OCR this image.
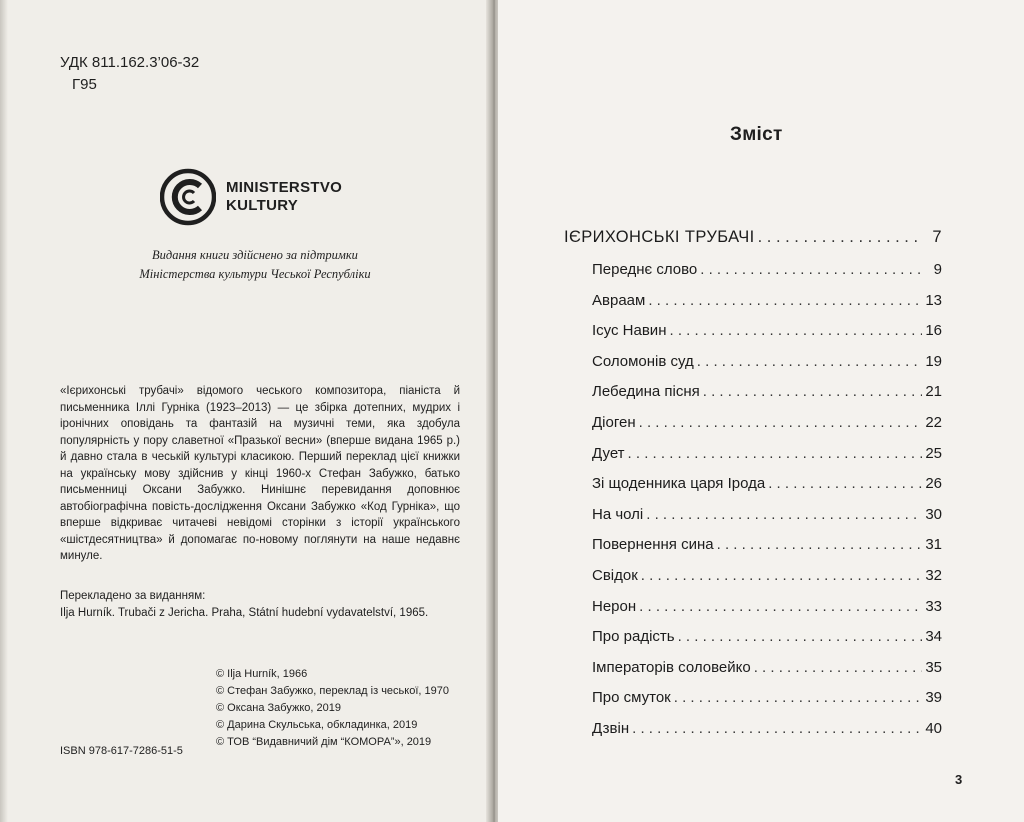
УДК 811.162.3’06-32
Г95
MINISTERSTVO
KULTURY
Видання книги здійснено за підтримки
Міністерства культури Чеської Республіки
«Ієрихонські трубачі» відомого чеського композитора, піаніста й письменника Іллі Гурніка (1923–2013) — це збірка дотепних, мудрих і іронічних оповідань та фантазій на музичні теми, яка здобула популярність у пору славетної «Празької весни» (вперше видана 1965 р.) й давно стала в чеській культурі класикою. Перший переклад цієї книжки на українську мову здійснив у кінці 1960-х Стефан Забужко, батько письменниці Оксани Забужко. Нинішнє перевидання доповнює автобіографічна повість-дослідження Оксани Забужко «Код Гурніка», що вперше відкриває читачеві невідомі сторінки з історії українського «шістдесятництва» й допомагає по-новому поглянути на наше недавнє минуле.
Перекладено за виданням:
Ilja Hurník. Trubači z Jericha. Praha, Státní hudební vydavatelství, 1965.
© Ilja Hurník, 1966
© Стефан Забужко, переклад із чеської, 1970
© Оксана Забужко, 2019
© Дарина Скульська, обкладинка, 2019
© ТОВ “Видавничий дім “КОМОРА”», 2019
ISBN 978-617-7286-51-5
Зміст
ІЄРИХОНСЬКІ ТРУБАЧІ . . .	7
Переднє слово . . .	9
Авраам . . .	13
Ісус Навин . . .	16
Соломонів суд . . .	19
Лебедина пісня . . .	21
Діоген . . .	22
Дует . . .	25
Зі щоденника царя Ірода . . .	26
На чолі . . .	30
Повернення сина . . .	31
Свідок . . .	32
Нерон . . .	33
Про радість . . .	34
Імператорів соловейко . . .	35
Про смуток . . .	39
Дзвін . . .	40
3
